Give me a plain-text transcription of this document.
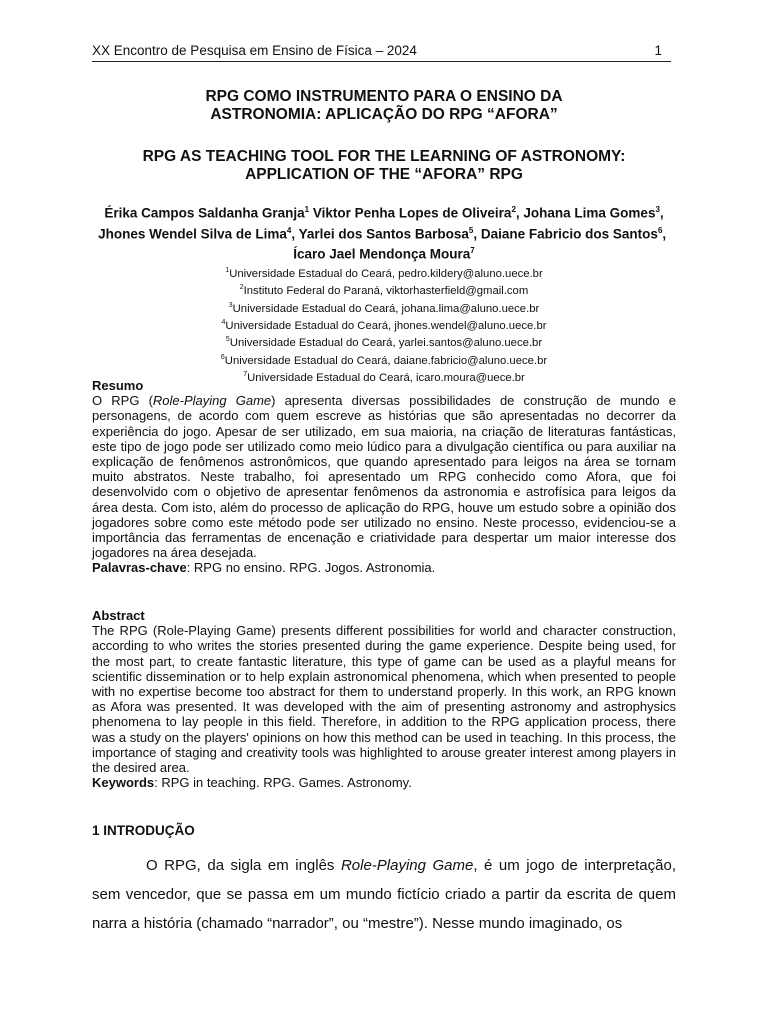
XX Encontro de Pesquisa em Ensino de Física – 2024	1
RPG COMO INSTRUMENTO PARA O ENSINO DA
ASTRONOMIA: APLICAÇÃO DO RPG “AFORA”
RPG AS TEACHING TOOL FOR THE LEARNING OF ASTRONOMY:
APPLICATION OF THE “AFORA” RPG
Érika Campos Saldanha Granja$^1$ Viktor Penha Lopes de Oliveira$^2$, Johana Lima Gomes$^3$, Jhones Wendel Silva de Lima$^4$, Yarlei dos Santos Barbosa$^5$, Daiane Fabricio dos Santos$^6$,  Ícaro Jael Mendonça Moura$^7$
$^1$Universidade Estadual do Ceará, pedro.kildery@aluno.uece.br
$^2$Instituto Federal do Paraná, viktorhasterfield@gmail.com
$^3$Universidade Estadual do Ceará, johana.lima@aluno.uece.br
$^4$Universidade Estadual do Ceará, jhones.wendel@aluno.uece.br
$^5$Universidade Estadual do Ceará, yarlei.santos@aluno.uece.br
$^6$Universidade Estadual do Ceará, daiane.fabricio@aluno.uece.br
$^7$Universidade Estadual do Ceará, icaro.moura@uece.br

Resumo

O RPG (Role-Playing Game) apresenta diversas possibilidades de construção de mundo e personagens, de acordo com quem escreve as histórias que são apresentadas no decorrer da experiência do jogo. Apesar de ser utilizado, em sua maioria, na criação de literaturas fantásticas, este tipo de jogo pode ser utilizado como meio lúdico para a divulgação científica ou para auxiliar na explicação de fenômenos astronômicos, que quando apresentado para leigos na área se tornam muito abstratos. Neste trabalho, foi apresentado um RPG conhecido como Afora, que foi desenvolvido com o objetivo de apresentar fenômenos da astronomia e astrofísica para leigos da área desta. Com isto, além do processo de aplicação do RPG, houve um estudo sobre a opinião dos jogadores sobre como este método pode ser utilizado no ensino. Neste processo, evidenciou-se a importância das ferramentas de encenação e criatividade para despertar um maior interesse dos jogadores na área desejada.

Palavras-chave: RPG no ensino. RPG. Jogos. Astronomia.

Abstract

The RPG (Role-Playing Game) presents different possibilities for world and character construction, according to who writes the stories presented during the game experience. Despite being used, for the most part, to create fantastic literature, this type of game can be used as a playful means for scientific dissemination or to help explain astronomical phenomena, which when presented to people with no expertise become too abstract for them to understand properly. In this work, an RPG known as Afora was presented. It was developed with the aim of presenting astronomy and astrophysics phenomena to lay people in this field. Therefore, in addition to the RPG application process, there was a study on the players' opinions on how this method can be used in teaching. In this process, the importance of staging and creativity tools was highlighted to arouse greater interest among players in the desired area.

Keywords: RPG in teaching. RPG. Games. Astronomy.

1 INTRODUÇÃO
O RPG, da sigla em inglês Role-Playing Game, é um jogo de interpretação, sem vencedor, que se passa em um mundo fictício criado a partir da escrita de quem narra a história (chamado “narrador”, ou “mestre”). Nesse mundo imaginado, os
